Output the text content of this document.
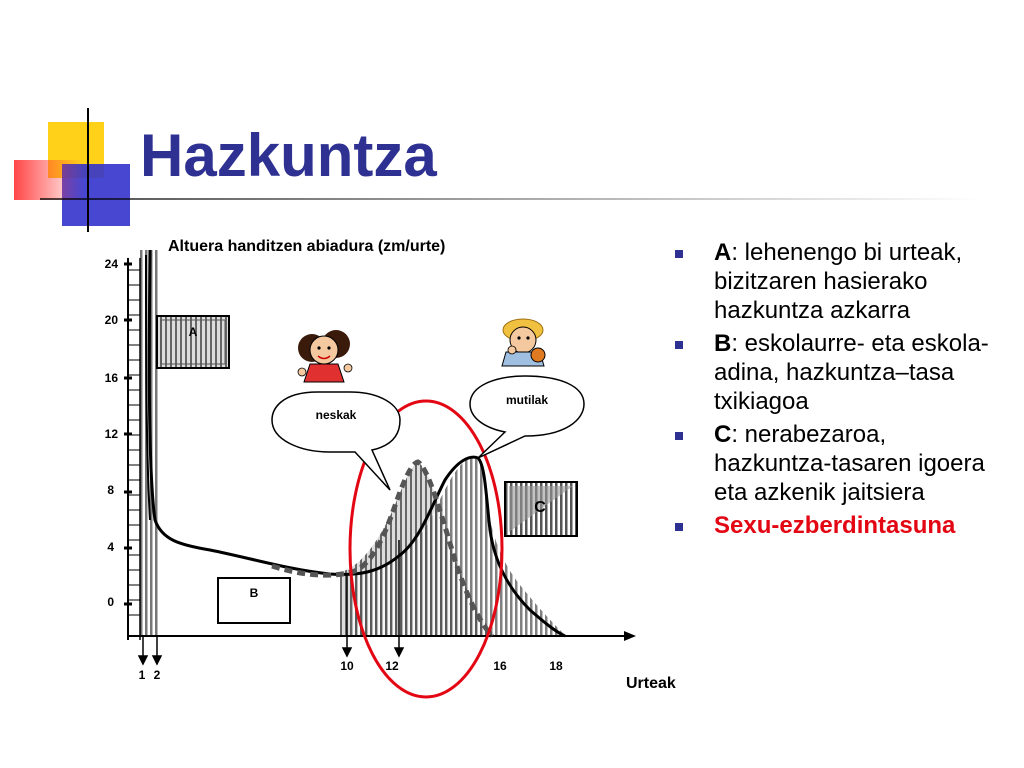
Hazkuntza
Altuera handitzen abiadura (zm/urte)
24
20
16
12
8
4
0
1 2
10	12	16	18
A
B
C
neskak
mutilak
Urteak
A: lehenengo bi urteak, bizitzaren hasierako hazkuntza azkarra
B: eskolaurre- eta eskola-adina, hazkuntza–tasa txikiagoa
C: nerabezaroa, hazkuntza-tasaren igoera eta azkenik jaitsiera
Sexu-ezberdintasuna
